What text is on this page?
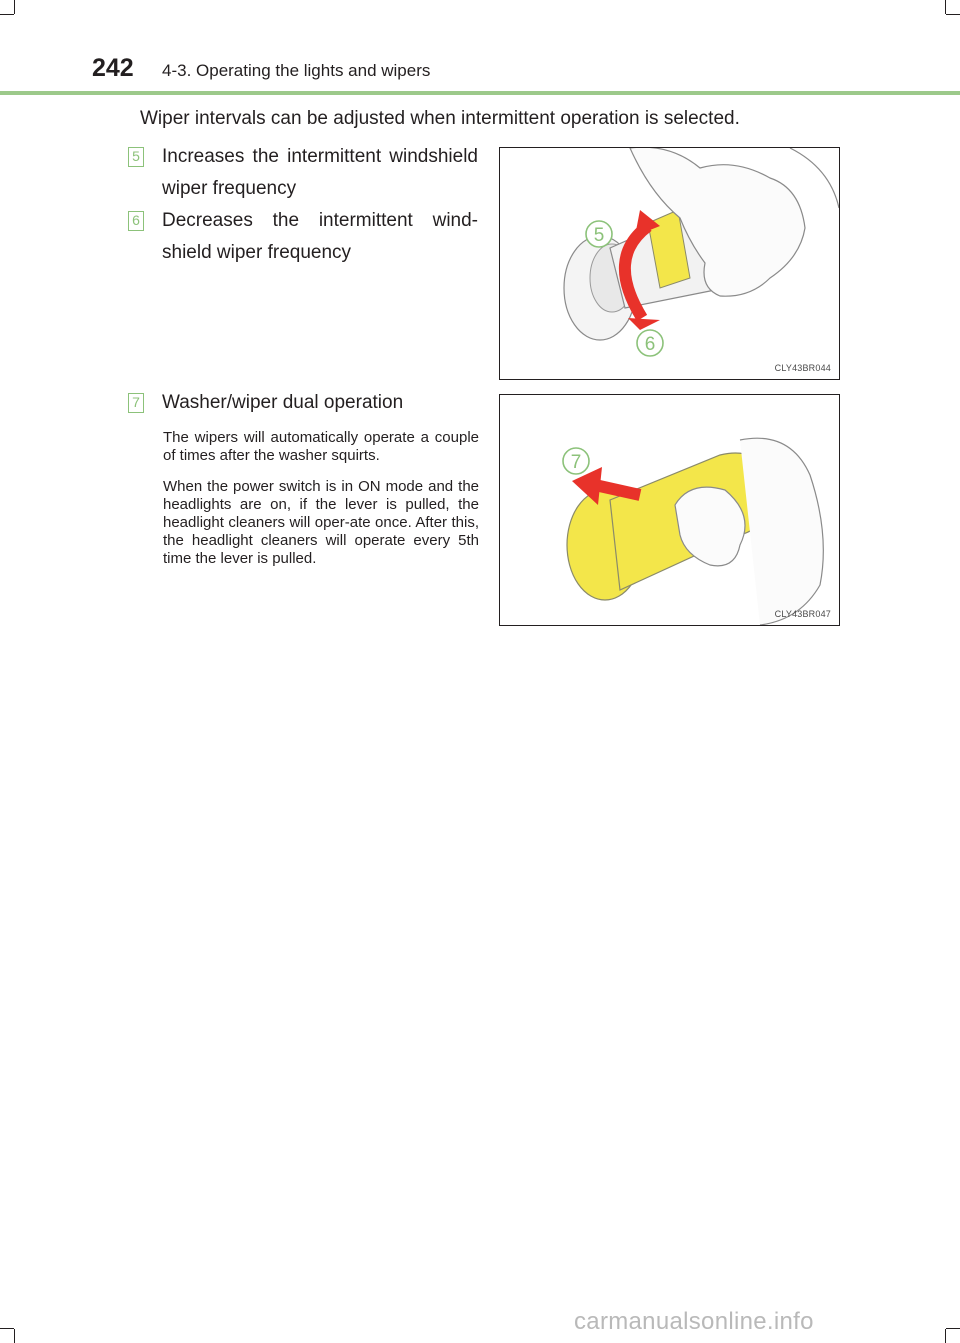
242 4-3. Operating the lights and wipers
Wiper intervals can be adjusted when intermittent operation is selected.
5 Increases the intermittent windshield wiper frequency
6 Decreases the intermittent wind-shield wiper frequency
5
6
CLY43BR044
7 Washer/wiper dual operation
The wipers will automatically operate a couple of times after the washer squirts.
When the power switch is in ON mode and the headlights are on, if the lever is pulled, the headlight cleaners will oper-ate once. After this, the headlight cleaners will operate every 5th time the lever is pulled.
7
CLY43BR047
carmanualsonline.info
